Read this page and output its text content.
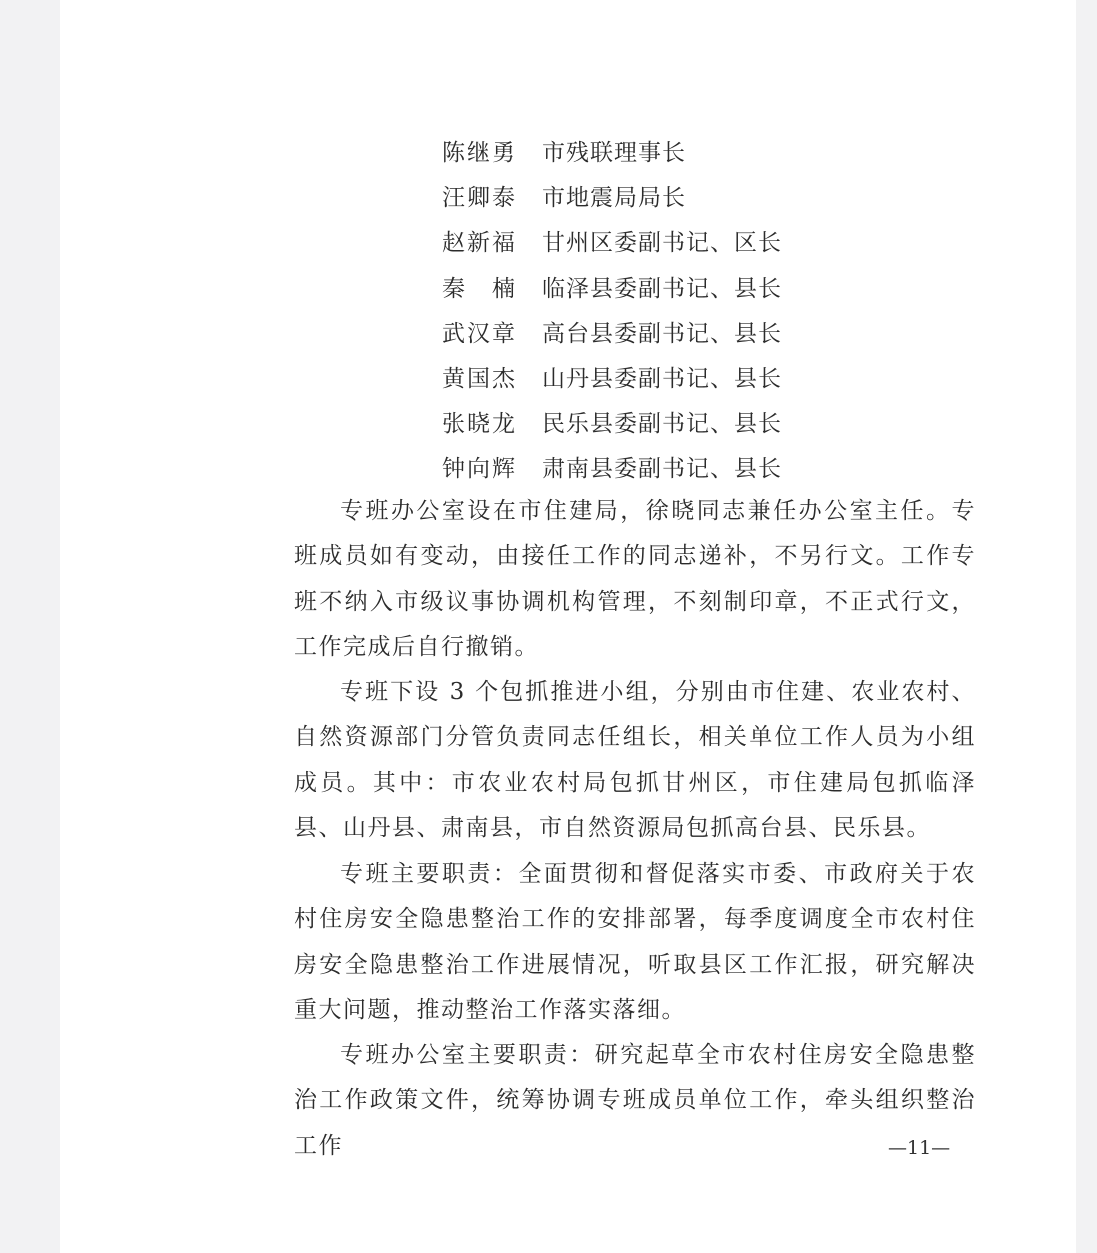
陈继勇 市残联理事长
汪卿泰 市地震局局长
赵新福 甘州区委副书记、区长
秦楠 临泽县委副书记、县长
武汉章 高台县委副书记、县长
黄国杰 山丹县委副书记、县长
张晓龙 民乐县委副书记、县长
钟向辉 肃南县委副书记、县长

专班办公室设在市住建局，徐晓同志兼任办公室主任。专班成员如有变动，由接任工作的同志递补，不另行文。工作专班不纳入市级议事协调机构管理，不刻制印章，不正式行文，工作完成后自行撤销。

专班下设 3 个包抓推进小组，分别由市住建、农业农村、自然资源部门分管负责同志任组长，相关单位工作人员为小组成员。其中：市农业农村局包抓甘州区，市住建局包抓临泽县、山丹县、肃南县，市自然资源局包抓高台县、民乐县。

专班主要职责：全面贯彻和督促落实市委、市政府关于农村住房安全隐患整治工作的安排部署，每季度调度全市农村住房安全隐患整治工作进展情况，听取县区工作汇报，研究解决重大问题，推动整治工作落实落细。

专班办公室主要职责：研究起草全市农村住房安全隐患整治工作政策文件，统筹协调专班成员单位工作，牵头组织整治工作	—11—
